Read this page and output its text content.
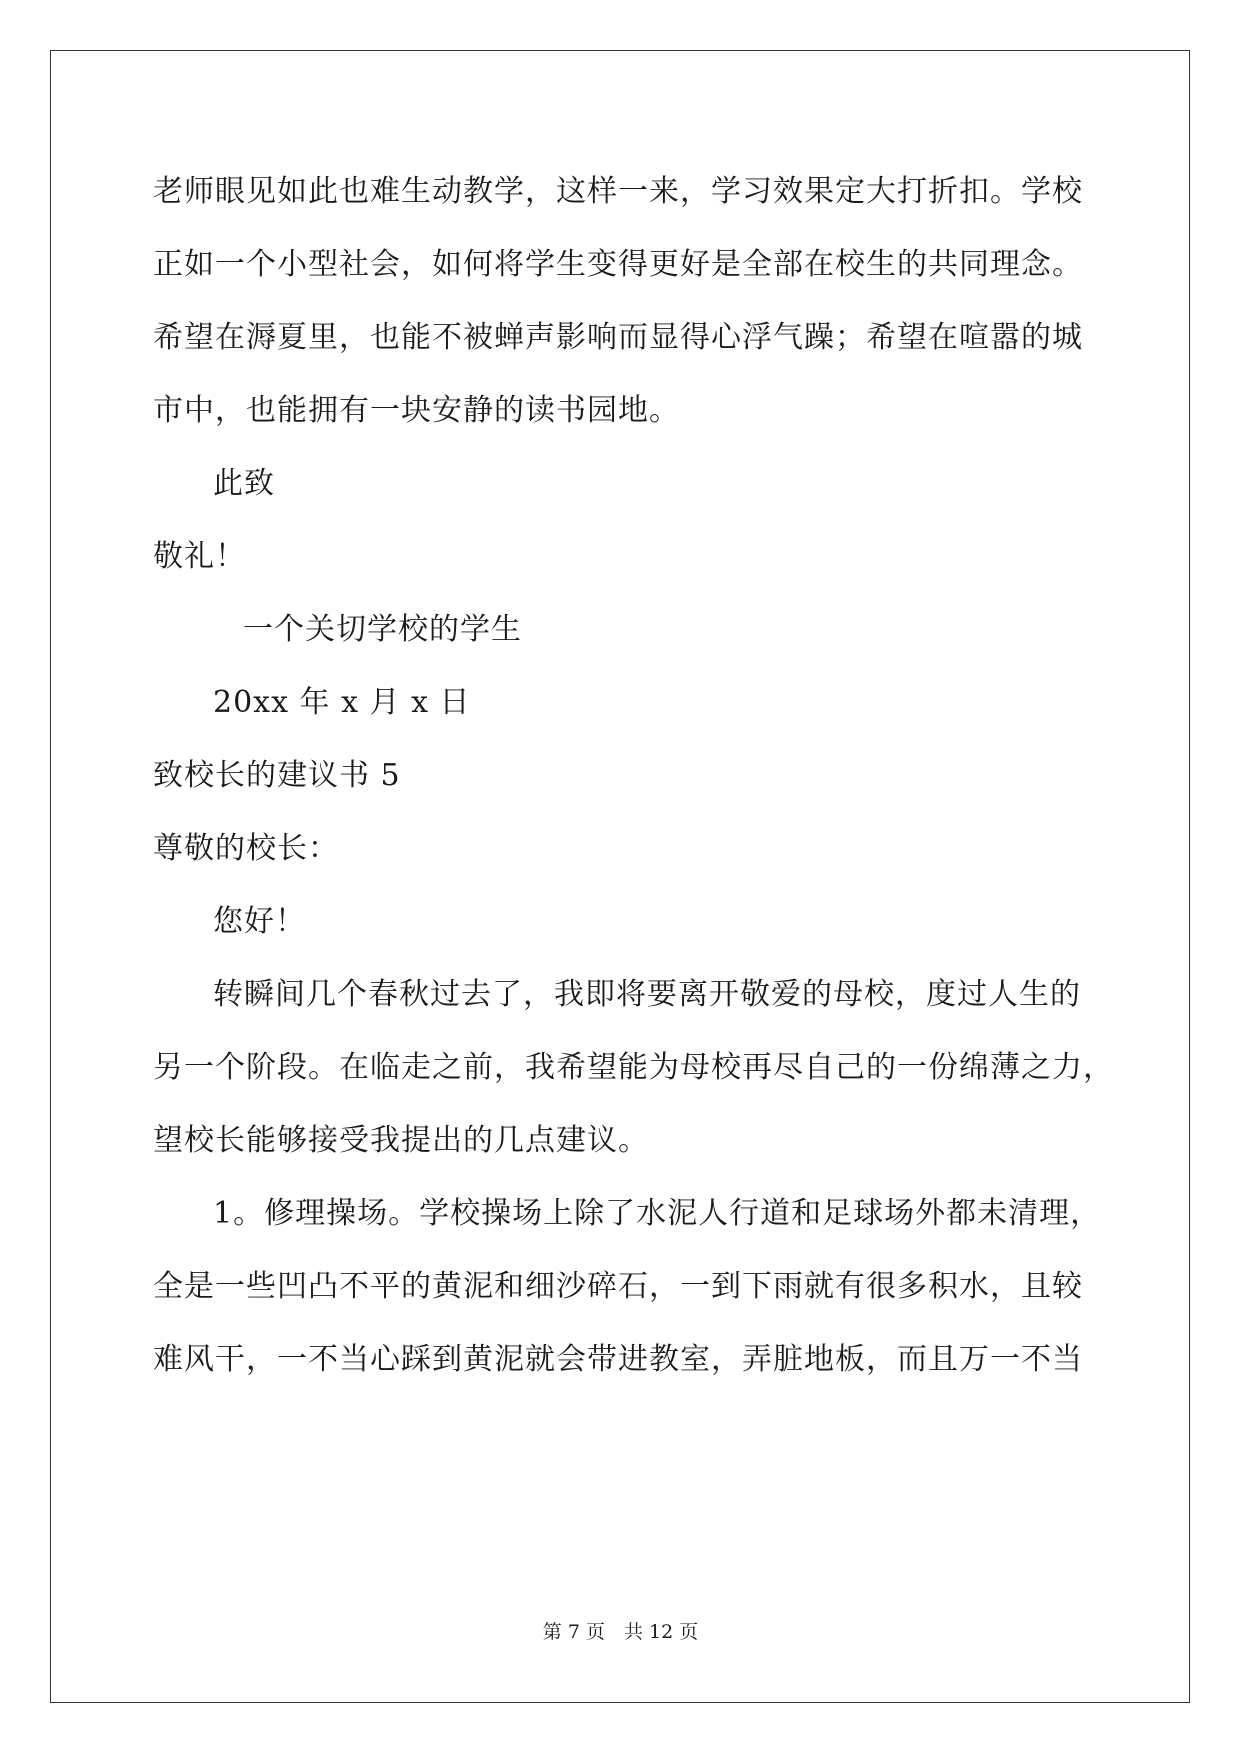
老师眼见如此也难生动教学，这样一来，学习效果定大打折扣。学校
正如一个小型社会，如何将学生变得更好是全部在校生的共同理念。
希望在溽夏里，也能不被蝉声影响而显得心浮气躁；希望在喧嚣的城
市中，也能拥有一块安静的读书园地。
此致
敬礼！
一个关切学校的学生
20xx 年 x 月 x 日
致校长的建议书 5
尊敬的校长：
您好！
转瞬间几个春秋过去了，我即将要离开敬爱的母校，度过人生的
另一个阶段。在临走之前，我希望能为母校再尽自己的一份绵薄之力，
望校长能够接受我提出的几点建议。
1。修理操场。学校操场上除了水泥人行道和足球场外都未清理，
全是一些凹凸不平的黄泥和细沙碎石，一到下雨就有很多积水，且较
难风干，一不当心踩到黄泥就会带进教室，弄脏地板，而且万一不当
第 7 页　共 12 页
